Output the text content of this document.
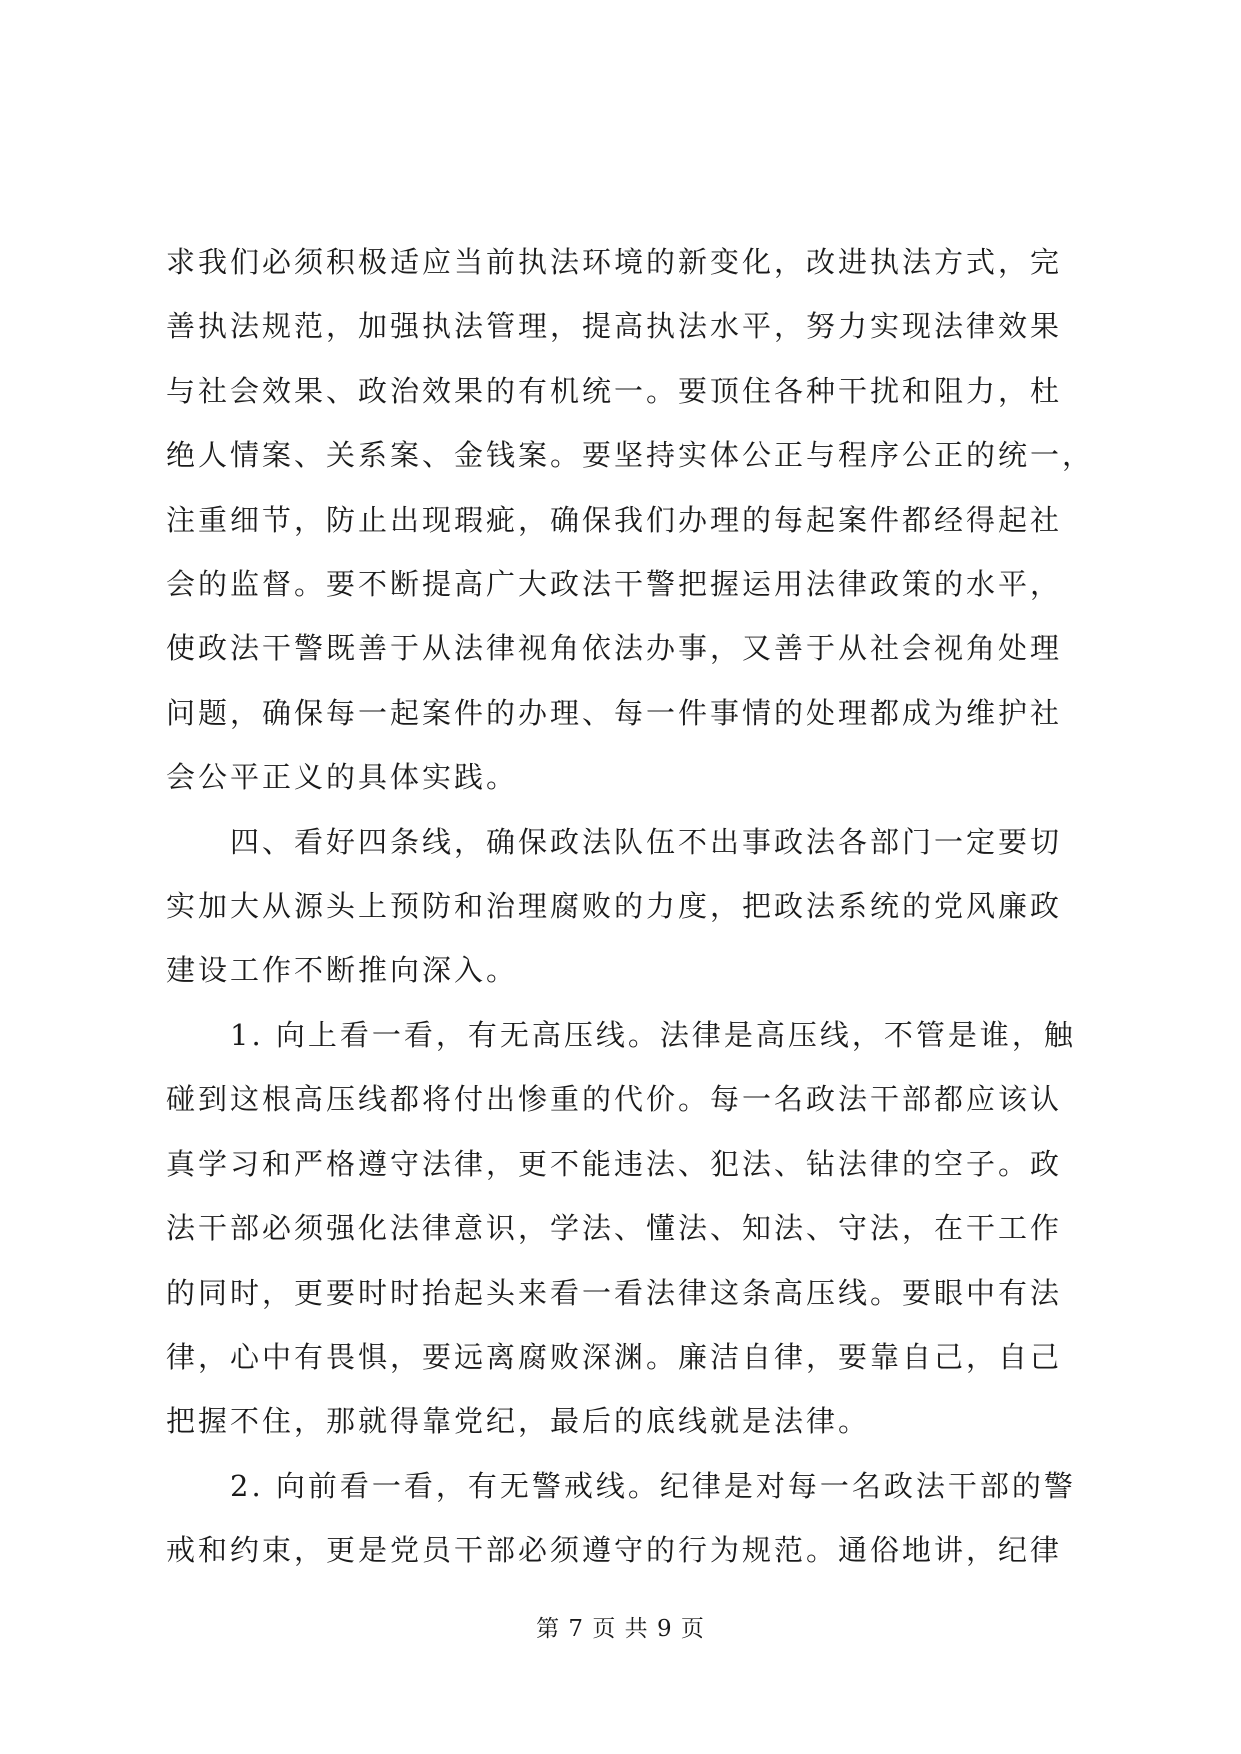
求我们必须积极适应当前执法环境的新变化，改进执法方式，完
善执法规范，加强执法管理，提高执法水平，努力实现法律效果
与社会效果、政治效果的有机统一。要顶住各种干扰和阻力，杜
绝人情案、关系案、金钱案。要坚持实体公正与程序公正的统一，
注重细节，防止出现瑕疵，确保我们办理的每起案件都经得起社
会的监督。要不断提高广大政法干警把握运用法律政策的水平，
使政法干警既善于从法律视角依法办事，又善于从社会视角处理
问题，确保每一起案件的办理、每一件事情的处理都成为维护社
会公平正义的具体实践。

四、看好四条线，确保政法队伍不出事政法各部门一定要切
实加大从源头上预防和治理腐败的力度，把政法系统的党风廉政
建设工作不断推向深入。

1. 向上看一看，有无高压线。法律是高压线，不管是谁，触
碰到这根高压线都将付出惨重的代价。每一名政法干部都应该认
真学习和严格遵守法律，更不能违法、犯法、钻法律的空子。政
法干部必须强化法律意识，学法、懂法、知法、守法，在干工作
的同时，更要时时抬起头来看一看法律这条高压线。要眼中有法
律，心中有畏惧，要远离腐败深渊。廉洁自律，要靠自己，自己
把握不住，那就得靠党纪，最后的底线就是法律。

2. 向前看一看，有无警戒线。纪律是对每一名政法干部的警
戒和约束，更是党员干部必须遵守的行为规范。通俗地讲，纪律

第 7 页 共 9 页
